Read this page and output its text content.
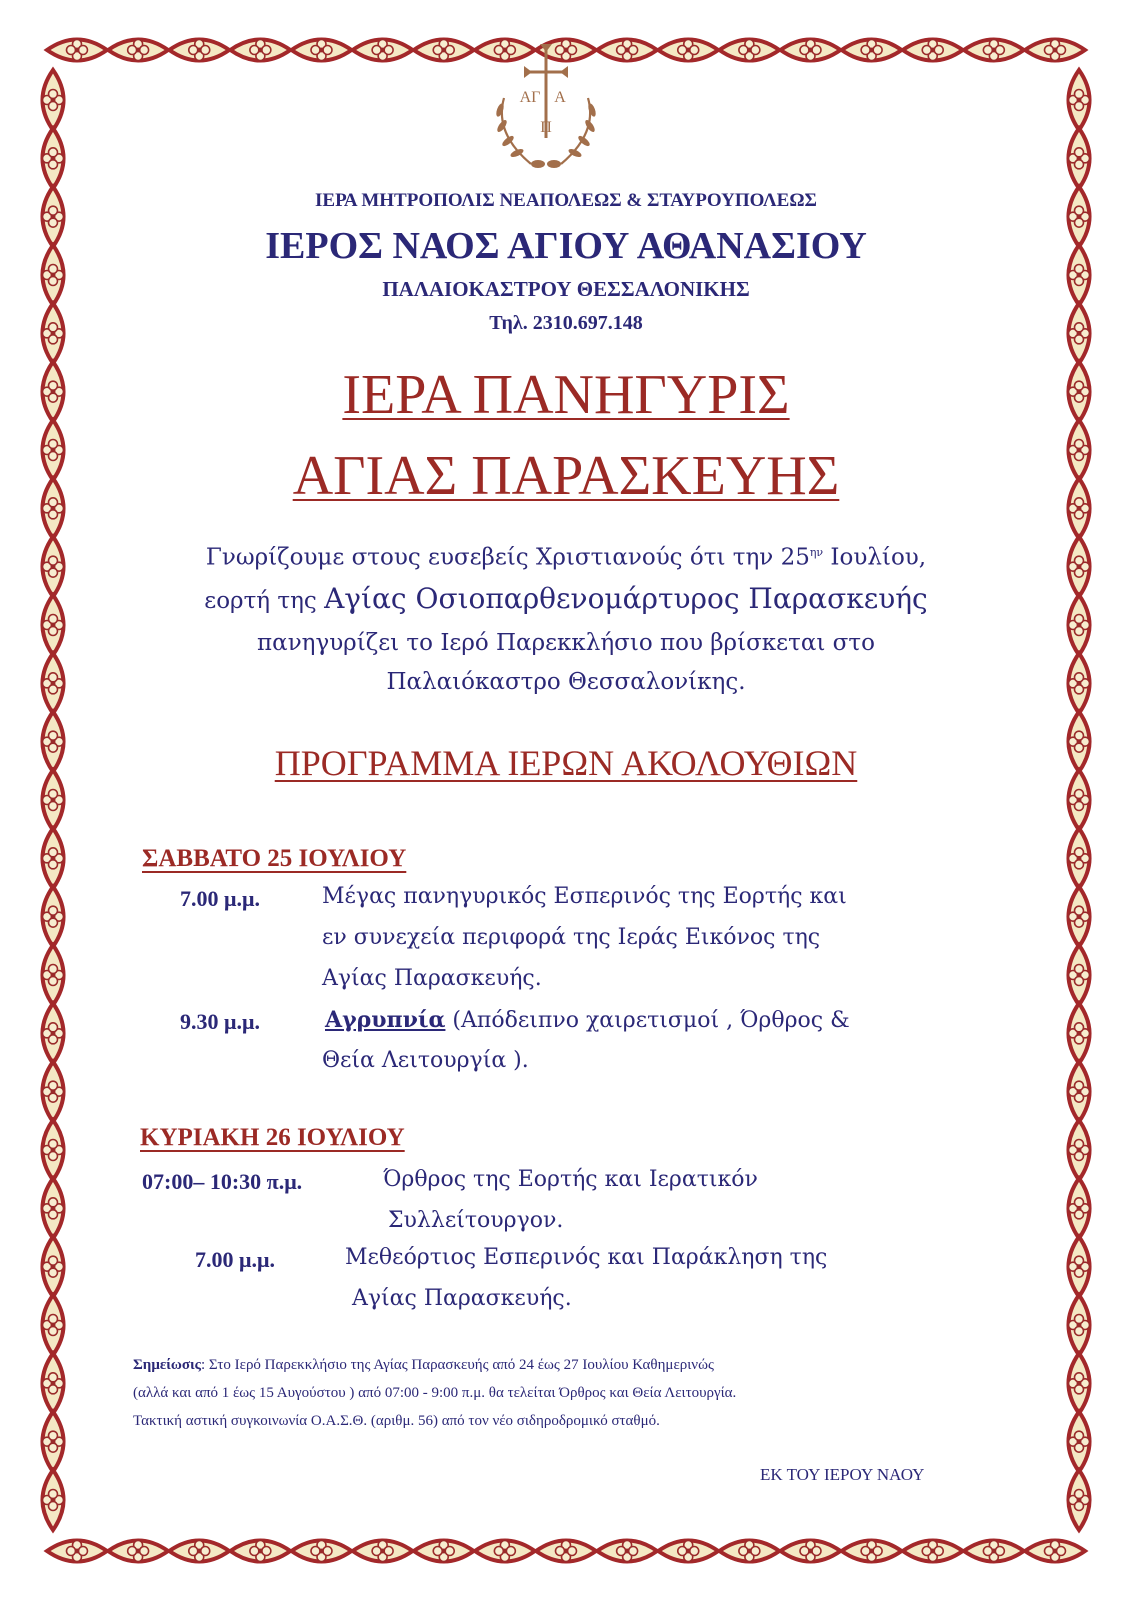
ΑΓ Α
Π
ΙΕΡΑ ΜΗΤΡΟΠΟΛΙΣ ΝΕΑΠΟΛΕΩΣ & ΣΤΑΥΡΟΥΠΟΛΕΩΣ
ΙΕΡΟΣ ΝΑΟΣ ΑΓΙΟΥ ΑΘΑΝΑΣΙΟΥ
ΠΑΛΑΙΟΚΑΣΤΡΟΥ ΘΕΣΣΑΛΟΝΙΚΗΣ
Τηλ. 2310.697.148
ΙΕΡΑ ΠΑΝΗΓΥΡΙΣ
ΑΓΙΑΣ ΠΑΡΑΣΚΕΥΗΣ
Γνωρίζουμε στους ευσεβείς Χριστιανούς ότι την $25^{\eta\nu}$ Ιουλίου,
εορτή της Αγίας Οσιοπαρθενομάρτυρος Παρασκευής
πανηγυρίζει το Ιερό Παρεκκλήσιο που βρίσκεται στο
Παλαιόκαστρο Θεσσαλονίκης.
ΠΡΟΓΡΑΜΜΑ ΙΕΡΩΝ ΑΚΟΛΟΥΘΙΩΝ
ΣΑΒΒΑΤΟ 25 ΙΟΥΛΙΟΥ
7.00 μ.μ.	Μέγας πανηγυρικός Εσπερινός της Εορτής και
εν συνεχεία περιφορά της Ιεράς Εικόνος της
Αγίας Παρασκευής.
9.30 μ.μ.	Αγρυπνία (Απόδειπνο χαιρετισμοί , Όρθρος &
Θεία Λειτουργία ).
ΚΥΡΙΑΚΗ 26 ΙΟΥΛΙΟΥ
07:00– 10:30 π.μ.	Όρθρος της Εορτής και Ιερατικόν
Συλλείτουργον.
7.00 μ.μ.	Μεθεόρτιος Εσπερινός και Παράκληση της
Αγίας Παρασκευής.
Σημείωσις: Στο Ιερό Παρεκκλήσιο της Αγίας Παρασκευής από 24 έως 27 Ιουλίου Καθημερινώς
(αλλά και από 1 έως 15 Αυγούστου ) από 07:00 - 9:00 π.μ. θα τελείται Όρθρος και Θεία Λειτουργία.
Τακτική αστική συγκοινωνία Ο.Α.Σ.Θ. (αριθμ. 56) από τον νέο σιδηροδρομικό σταθμό.
ΕΚ ΤΟΥ ΙΕΡΟΥ ΝΑΟΥ
